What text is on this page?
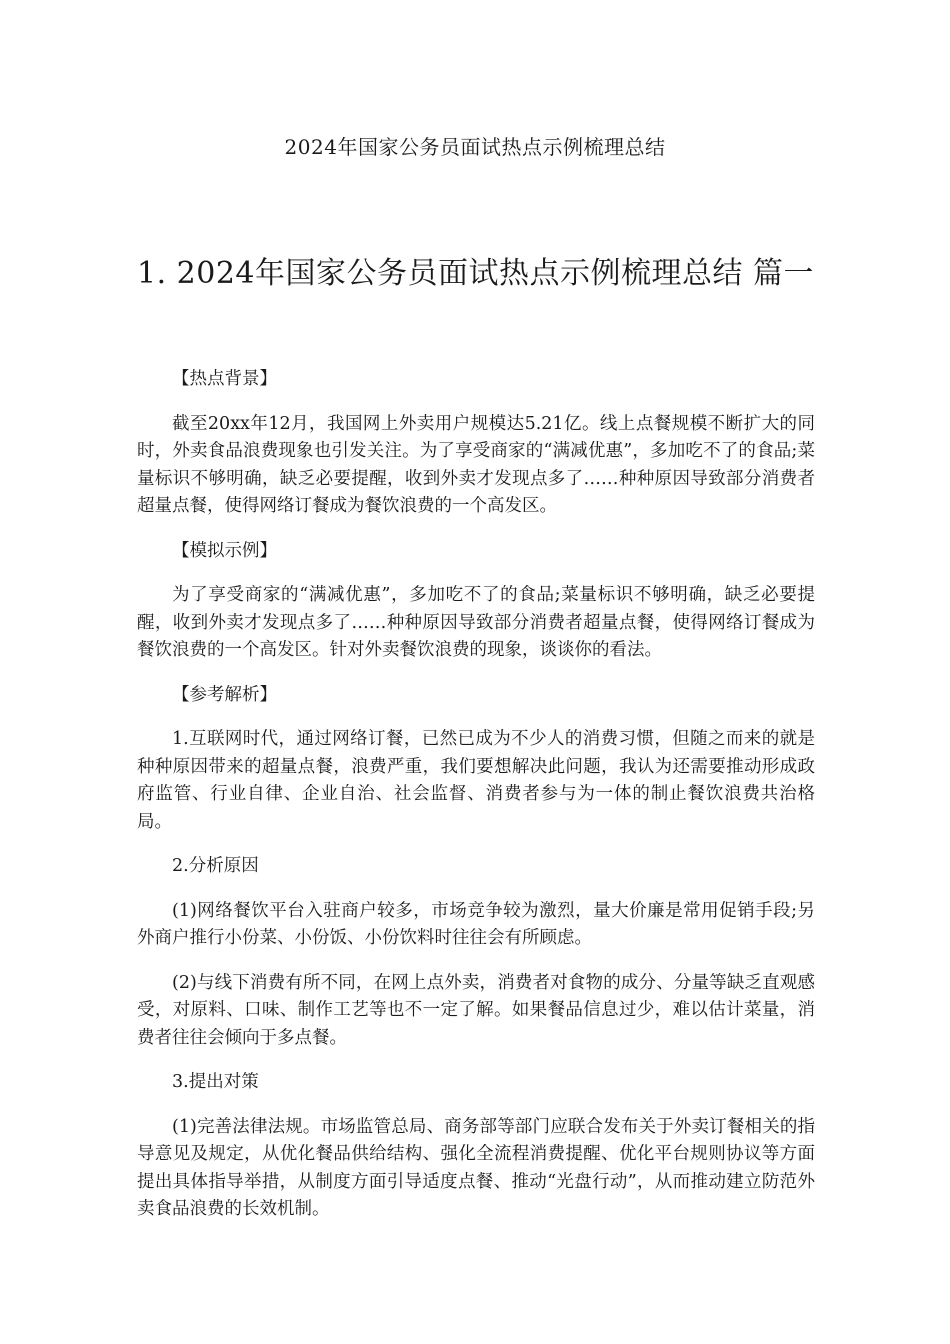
2024年国家公务员面试热点示例梳理总结
1. 2024年国家公务员面试热点示例梳理总结 篇一

【热点背景】

截至20xx年12月，我国网上外卖用户规模达5.21亿。线上点餐规模不断扩大的同时，外卖食品浪费现象也引发关注。为了享受商家的“满减优惠”，多加吃不了的食品;菜量标识不够明确，缺乏必要提醒，收到外卖才发现点多了……种种原因导致部分消费者超量点餐，使得网络订餐成为餐饮浪费的一个高发区。

【模拟示例】

为了享受商家的“满减优惠”，多加吃不了的食品;菜量标识不够明确，缺乏必要提醒，收到外卖才发现点多了……种种原因导致部分消费者超量点餐，使得网络订餐成为餐饮浪费的一个高发区。针对外卖餐饮浪费的现象，谈谈你的看法。

【参考解析】

1.互联网时代，通过网络订餐，已然已成为不少人的消费习惯，但随之而来的就是种种原因带来的超量点餐，浪费严重，我们要想解决此问题，我认为还需要推动形成政府监管、行业自律、企业自治、社会监督、消费者参与为一体的制止餐饮浪费共治格局。

2.分析原因

(1)网络餐饮平台入驻商户较多，市场竞争较为激烈，量大价廉是常用促销手段;另外商户推行小份菜、小份饭、小份饮料时往往会有所顾虑。

(2)与线下消费有所不同，在网上点外卖，消费者对食物的成分、分量等缺乏直观感受，对原料、口味、制作工艺等也不一定了解。如果餐品信息过少，难以估计菜量，消费者往往会倾向于多点餐。

3.提出对策

(1)完善法律法规。市场监管总局、商务部等部门应联合发布关于外卖订餐相关的指导意见及规定，从优化餐品供给结构、强化全流程消费提醒、优化平台规则协议等方面提出具体指导举措，从制度方面引导适度点餐、推动“光盘行动”，从而推动建立防范外卖食品浪费的长效机制。
